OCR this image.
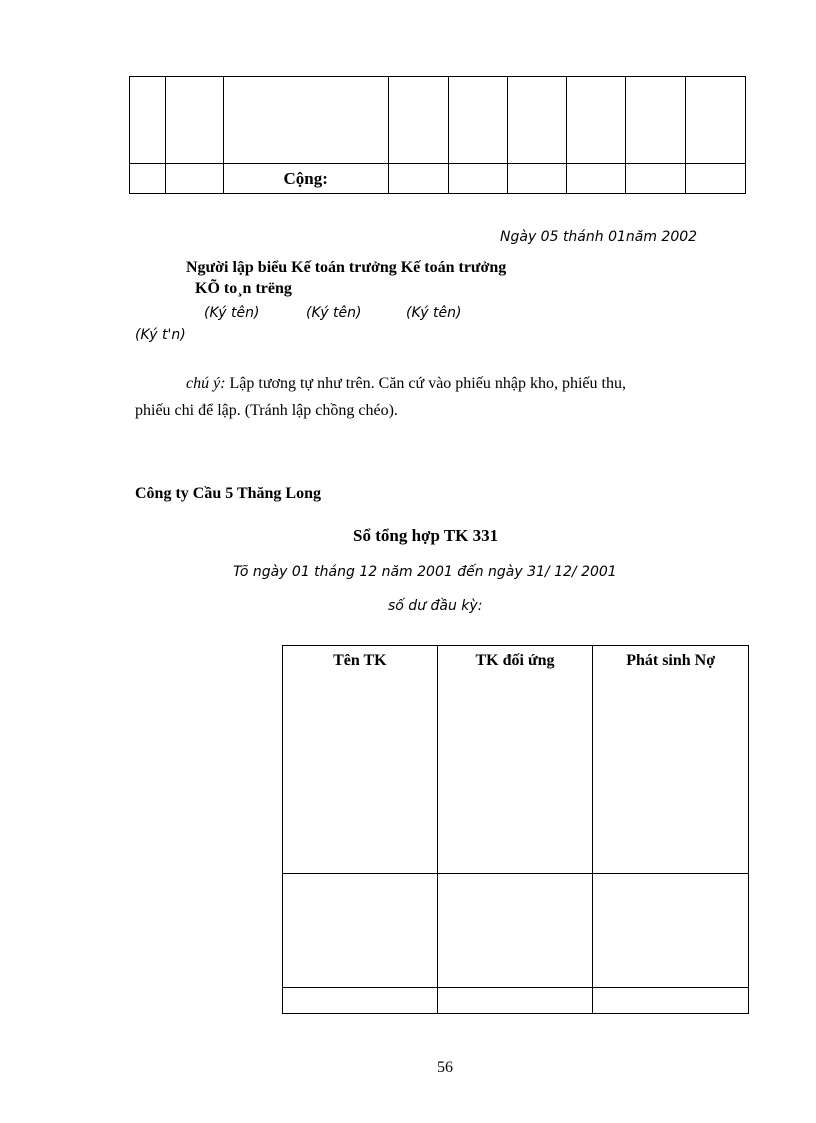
		Cộng:						
Ngày 05 thánh 01năm 2002
Người lập biểu Kế toán trưởng Kế toán trưởng
KÕ to¸n trëng
(Ký tên)	(Ký tên)	(Ký tên)
(Ký t'n)
chú ý: Lập tương tự như trên. Căn cứ vào phiếu nhập kho, phiếu thu,
phiếu chi để lập. (Tránh lập chồng chéo).
Công ty Cầu 5 Thăng Long
Sổ tổng hợp TK 331
Tõ ngày 01 tháng 12 năm 2001 đến ngày 31/ 12/ 2001
số dư đầu kỳ:
Tên TK	TK đối ứng	Phát sinh Nợ

56
